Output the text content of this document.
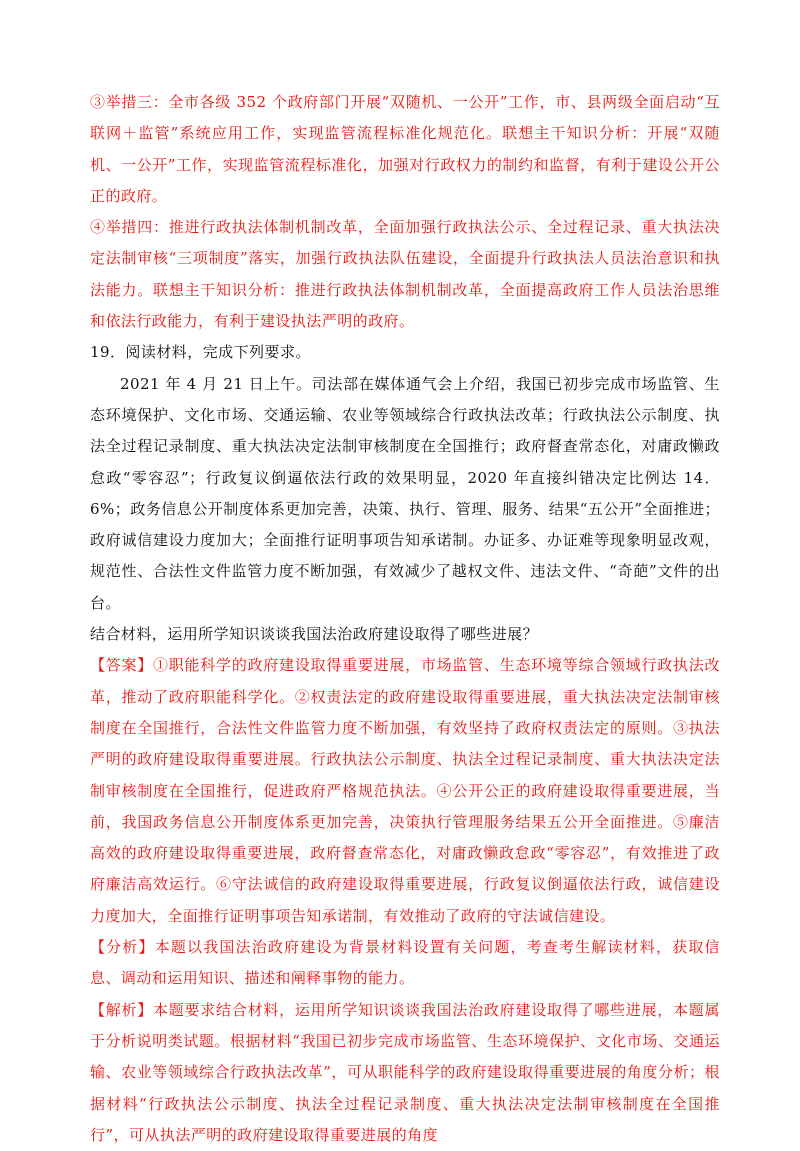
③举措三：全市各级 352 个政府部门开展“双随机、一公开”工作，市、县两级全面启动“互联网＋监管”系统应用工作，实现监管流程标准化规范化。联想主干知识分析：开展“双随机、一公开”工作，实现监管流程标准化，加强对行政权力的制约和监督，有利于建设公开公正的政府。

④举措四：推进行政执法体制机制改革，全面加强行政执法公示、全过程记录、重大执法决定法制审核“三项制度”落实，加强行政执法队伍建设，全面提升行政执法人员法治意识和执法能力。联想主干知识分析：推进行政执法体制机制改革，全面提高政府工作人员法治思维和依法行政能力，有利于建设执法严明的政府。

19．阅读材料，完成下列要求。

2021 年 4 月 21 日上午。司法部在媒体通气会上介绍，我国已初步完成市场监管、生态环境保护、文化市场、交通运输、农业等领域综合行政执法改革；行政执法公示制度、执法全过程记录制度、重大执法决定法制审核制度在全国推行；政府督查常态化，对庸政懒政怠政“零容忍”；行政复议倒逼依法行政的效果明显，2020 年直接纠错决定比例达 14．6%；政务信息公开制度体系更加完善，决策、执行、管理、服务、结果“五公开”全面推进；政府诚信建设力度加大；全面推行证明事项告知承诺制。办证多、办证难等现象明显改观，规范性、合法性文件监管力度不断加强，有效减少了越权文件、违法文件、“奇葩”文件的出台。

结合材料，运用所学知识谈谈我国法治政府建设取得了哪些进展？

【答案】①职能科学的政府建设取得重要进展，市场监管、生态环境等综合领域行政执法改革，推动了政府职能科学化。②权责法定的政府建设取得重要进展，重大执法决定法制审核制度在全国推行，合法性文件监管力度不断加强，有效坚持了政府权责法定的原则。③执法严明的政府建设取得重要进展。行政执法公示制度、执法全过程记录制度、重大执法决定法制审核制度在全国推行，促进政府严格规范执法。④公开公正的政府建设取得重要进展，当前，我国政务信息公开制度体系更加完善，决策执行管理服务结果五公开全面推进。⑤廉洁高效的政府建设取得重要进展，政府督查常态化，对庸政懒政怠政“零容忍”，有效推进了政府廉洁高效运行。⑥守法诚信的政府建设取得重要进展，行政复议倒逼依法行政，诚信建设力度加大，全面推行证明事项告知承诺制，有效推动了政府的守法诚信建设。

【分析】本题以我国法治政府建设为背景材料设置有关问题，考查考生解读材料，获取信息、调动和运用知识、描述和阐释事物的能力。

【解析】本题要求结合材料，运用所学知识谈谈我国法治政府建设取得了哪些进展，本题属于分析说明类试题。根据材料“我国已初步完成市场监管、生态环境保护、文化市场、交通运输、农业等领域综合行政执法改革”，可从职能科学的政府建设取得重要进展的角度分析；根据材料“行政执法公示制度、执法全过程记录制度、重大执法决定法制审核制度在全国推行”，可从执法严明的政府建设取得重要进展的角度
